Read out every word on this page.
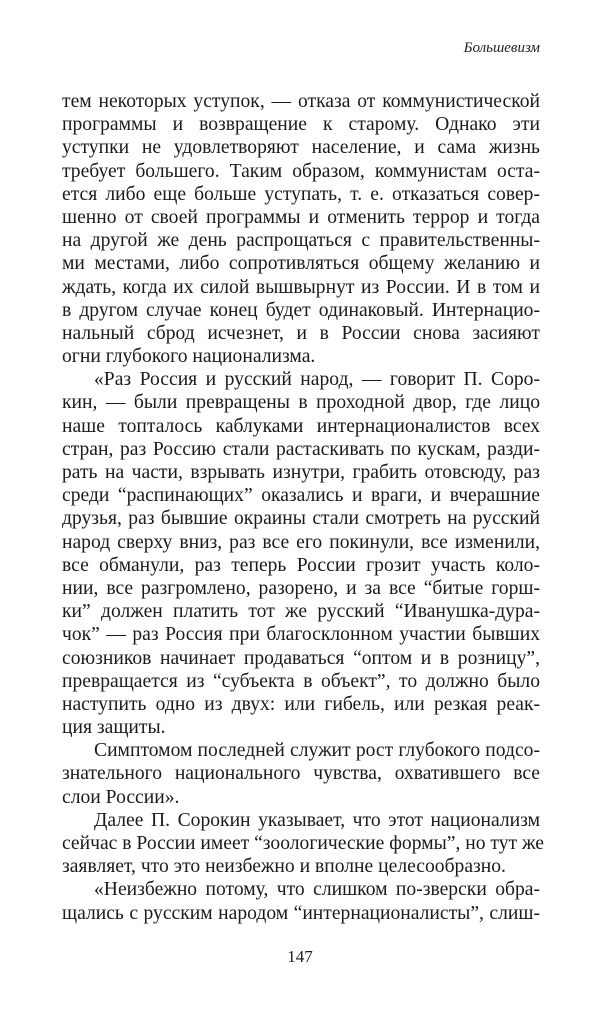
Большевизм
тем некоторых уступок, — отказа от коммунистической
программы и возвращение к старому. Однако эти
уступки не удовлетворяют население, и сама жизнь
требует большего. Таким образом, коммунистам оста-
ется либо еще больше уступать, т. е. отказаться совер-
шенно от своей программы и отменить террор и тогда
на другой же день распрощаться с правительственны-
ми местами, либо сопротивляться общему желанию и
ждать, когда их силой вышвырнут из России. И в том и
в другом случае конец будет одинаковый. Интернацио-
нальный сброд исчезнет, и в России снова засияют
огни глубокого национализма.
«Раз Россия и русский народ, — говорит П. Соро-
кин, — были превращены в проходной двор, где лицо
наше топталось каблуками интернационалистов всех
стран, раз Россию стали растаскивать по кускам, разди-
рать на части, взрывать изнутри, грабить отовсюду, раз
среди “распинающих” оказались и враги, и вчерашние
друзья, раз бывшие окраины стали смотреть на русский
народ сверху вниз, раз все его покинули, все изменили,
все обманули, раз теперь России грозит участь коло-
нии, все разгромлено, разорено, и за все “битые горш-
ки” должен платить тот же русский “Иванушка-дура-
чок” — раз Россия при благосклонном участии бывших
союзников начинает продаваться “оптом и в розницу”,
превращается из “субъекта в объект”, то должно было
наступить одно из двух: или гибель, или резкая реак-
ция защиты.
Симптомом последней служит рост глубокого подсо-
знательного национального чувства, охватившего все
слои России».
Далее П. Сорокин указывает, что этот национализм
сейчас в России имеет “зоологические формы”, но тут же
заявляет, что это неизбежно и вполне целесообразно.
«Неизбежно потому, что слишком по-зверски обра-
щались с русским народом “интернационалисты”, слиш-
147
